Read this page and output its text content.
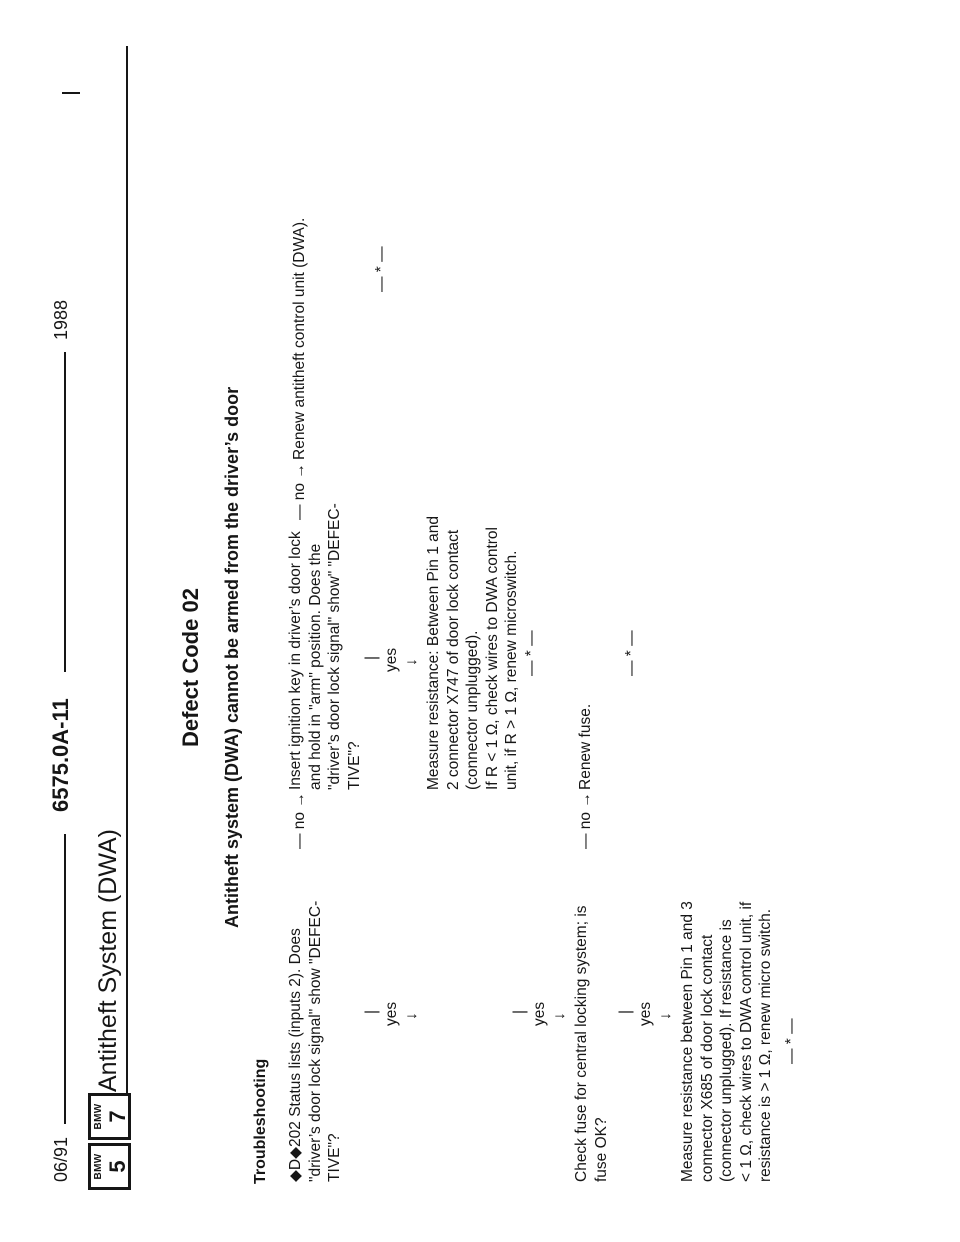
06/91
6575.0A-11
1988
BMW 5
BMW 7
Antitheft System (DWA)
Defect Code 02 Antitheft system (DWA) cannot be armed from the driver’s door
Troubleshooting ◆D◆202 Status lists (inputs 2). Does "driver’s door lock signal" show "DEFEC- TIVE"?
— no →
| yes ↓
Insert ignition key in driver’s door lock and hold in "arm" position. Does the "driver’s door lock signal" show" "DEFEC- TIVE"?
— no →
Renew antitheft control unit (DWA).	— * —
| yes ↓ Measure resistance: Between Pin 1 and 2 connector X747 of door lock contact (connector unplugged). If R < 1 Ω, check wires to DWA control unit, if R > 1 Ω, renew microswitch. — * —
| yes ↓ Check fuse for central locking system; is fuse OK?
— no →
Renew fuse.
— * —
| yes ↓ Measure resistance between Pin 1 and 3 connector X685 of door lock contact (connector unplugged). If resistance is < 1 Ω, check wires to DWA control unit, if resistance is > 1 Ω, renew micro switch. — * —
